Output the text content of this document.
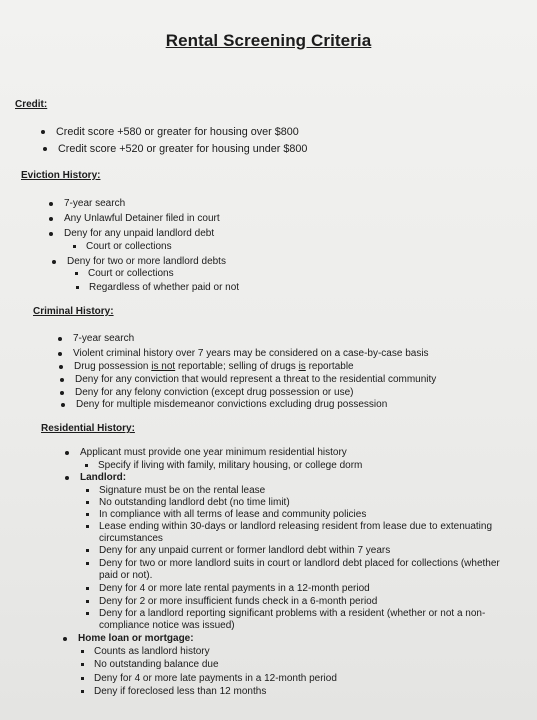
Rental Screening Criteria
Credit:
Credit score +580 or greater for housing over $800
Credit score +520 or greater for housing under $800
Eviction History:
7-year search
Any Unlawful Detainer filed in court
Deny for any unpaid landlord debt
Court or collections
Deny for two or more landlord debts
Court or collections
Regardless of whether paid or not
Criminal History:
7-year search
Violent criminal history over 7 years may be considered on a case-by-case basis
Drug possession is not reportable; selling of drugs is reportable
Deny for any conviction that would represent a threat to the residential community
Deny for any felony conviction (except drug possession or use)
Deny for multiple misdemeanor convictions excluding drug possession
Residential History:
Applicant must provide one year minimum residential history
Specify if living with family, military housing, or college dorm
Landlord:
Signature must be on the rental lease
No outstanding landlord debt (no time limit)
In compliance with all terms of lease and community policies
Lease ending within 30-days or landlord releasing resident from lease due to extenuating circumstances
Deny for any unpaid current or former landlord debt within 7 years
Deny for two or more landlord suits in court or landlord debt placed for collections (whether paid or not).
Deny for 4 or more late rental payments in a 12-month period
Deny for 2 or more insufficient funds check in a 6-month period
Deny for a landlord reporting significant problems with a resident (whether or not a non-compliance notice was issued)
Home loan or mortgage:
Counts as landlord history
No outstanding balance due
Deny for 4 or more late payments in a 12-month period
Deny if foreclosed less than 12 months
